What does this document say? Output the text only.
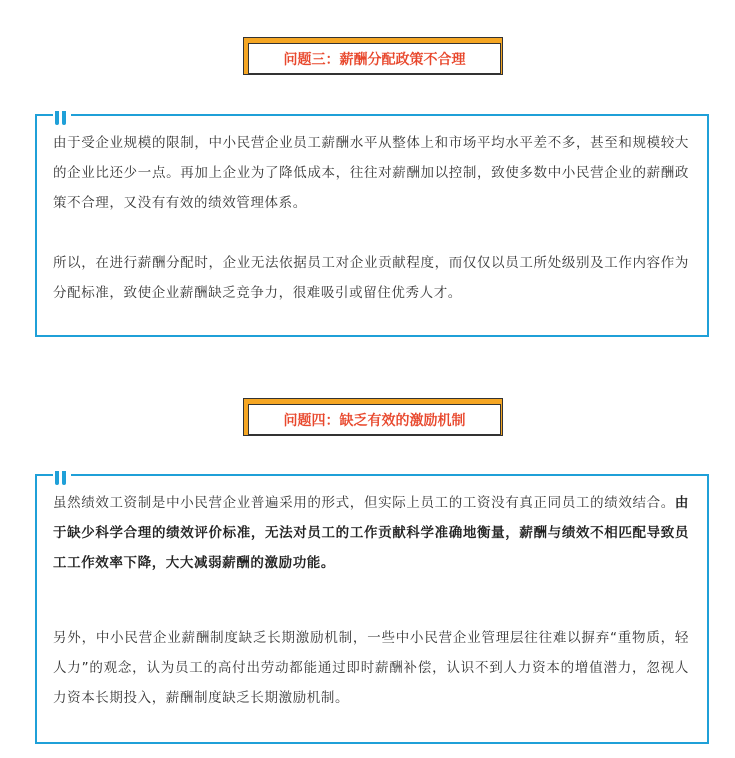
问题三：薪酬分配政策不合理

由于受企业规模的限制，中小民营企业员工薪酬水平从整体上和市场平均水平差不多，甚至和规模较大的企业比还少一点。再加上企业为了降低成本，往往对薪酬加以控制，致使多数中小民营企业的薪酬政策不合理，又没有有效的绩效管理体系。

所以，在进行薪酬分配时，企业无法依据员工对企业贡献程度，而仅仅以员工所处级别及工作内容作为分配标准，致使企业薪酬缺乏竞争力，很难吸引或留住优秀人才。

问题四：缺乏有效的激励机制

虽然绩效工资制是中小民营企业普遍采用的形式，但实际上员工的工资没有真正同员工的绩效结合。由于缺少科学合理的绩效评价标准，无法对员工的工作贡献科学准确地衡量，薪酬与绩效不相匹配导致员工工作效率下降，大大减弱薪酬的激励功能。

另外，中小民营企业薪酬制度缺乏长期激励机制，一些中小民营企业管理层往往难以摒弃“重物质，轻人力”的观念，认为员工的高付出劳动都能通过即时薪酬补偿，认识不到人力资本的增值潜力，忽视人力资本长期投入，薪酬制度缺乏长期激励机制。
